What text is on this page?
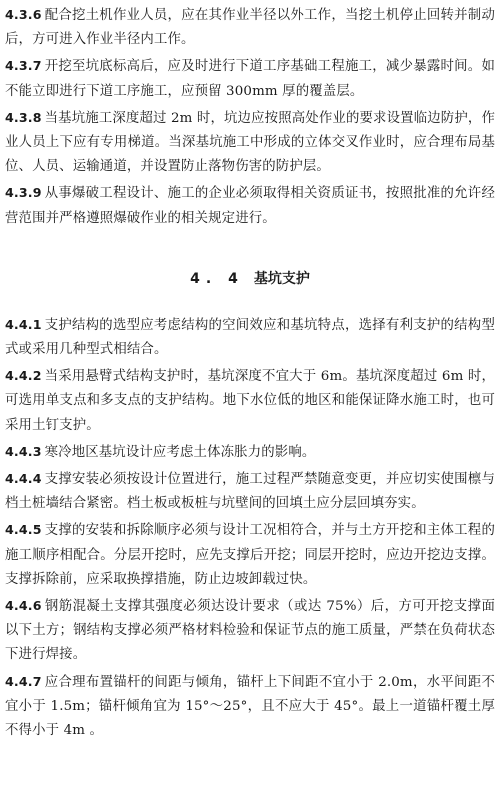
4.3.6 配合挖土机作业人员，应在其作业半径以外工作，当挖土机停止回转并制动后，方可进入作业半径内工作。

4.3.7 开挖至坑底标高后，应及时进行下道工序基础工程施工，减少暴露时间。如不能立即进行下道工序施工，应预留 300mm 厚的覆盖层。

4.3.8 当基坑施工深度超过 2m 时，坑边应按照高处作业的要求设置临边防护，作业人员上下应有专用梯道。当深基坑施工中形成的立体交叉作业时，应合理布局基位、人员、运输通道，并设置防止落物伤害的防护层。

4.3.9 从事爆破工程设计、施工的企业必须取得相关资质证书，按照批准的允许经营范围并严格遵照爆破作业的相关规定进行。

4. 4 基坑支护

4.4.1 支护结构的选型应考虑结构的空间效应和基坑特点，选择有利支护的结构型式或采用几种型式相结合。

4.4.2 当采用悬臂式结构支护时，基坑深度不宜大于 6m。基坑深度超过 6m 时，可选用单支点和多支点的支护结构。地下水位低的地区和能保证降水施工时，也可采用土钉支护。

4.4.3 寒冷地区基坑设计应考虑土体冻胀力的影响。

4.4.4 支撑安装必须按设计位置进行，施工过程严禁随意变更，并应切实使围檩与档土桩墙结合紧密。档土板或板桩与坑壁间的回填土应分层回填夯实。

4.4.5 支撑的安装和拆除顺序必须与设计工况相符合，并与土方开挖和主体工程的施工顺序相配合。分层开挖时，应先支撑后开挖；同层开挖时，应边开挖边支撑。支撑拆除前，应采取换撑措施，防止边坡卸载过快。

4.4.6 钢筋混凝土支撑其强度必须达设计要求（或达 75%）后，方可开挖支撑面以下土方；钢结构支撑必须严格材料检验和保证节点的施工质量，严禁在负荷状态下进行焊接。

4.4.7 应合理布置锚杆的间距与倾角，锚杆上下间距不宜小于 2.0m，水平间距不宜小于 1.5m；锚杆倾角宜为 15°～25°，且不应大于 45°。最上一道锚杆覆土厚不得小于 4m 。
